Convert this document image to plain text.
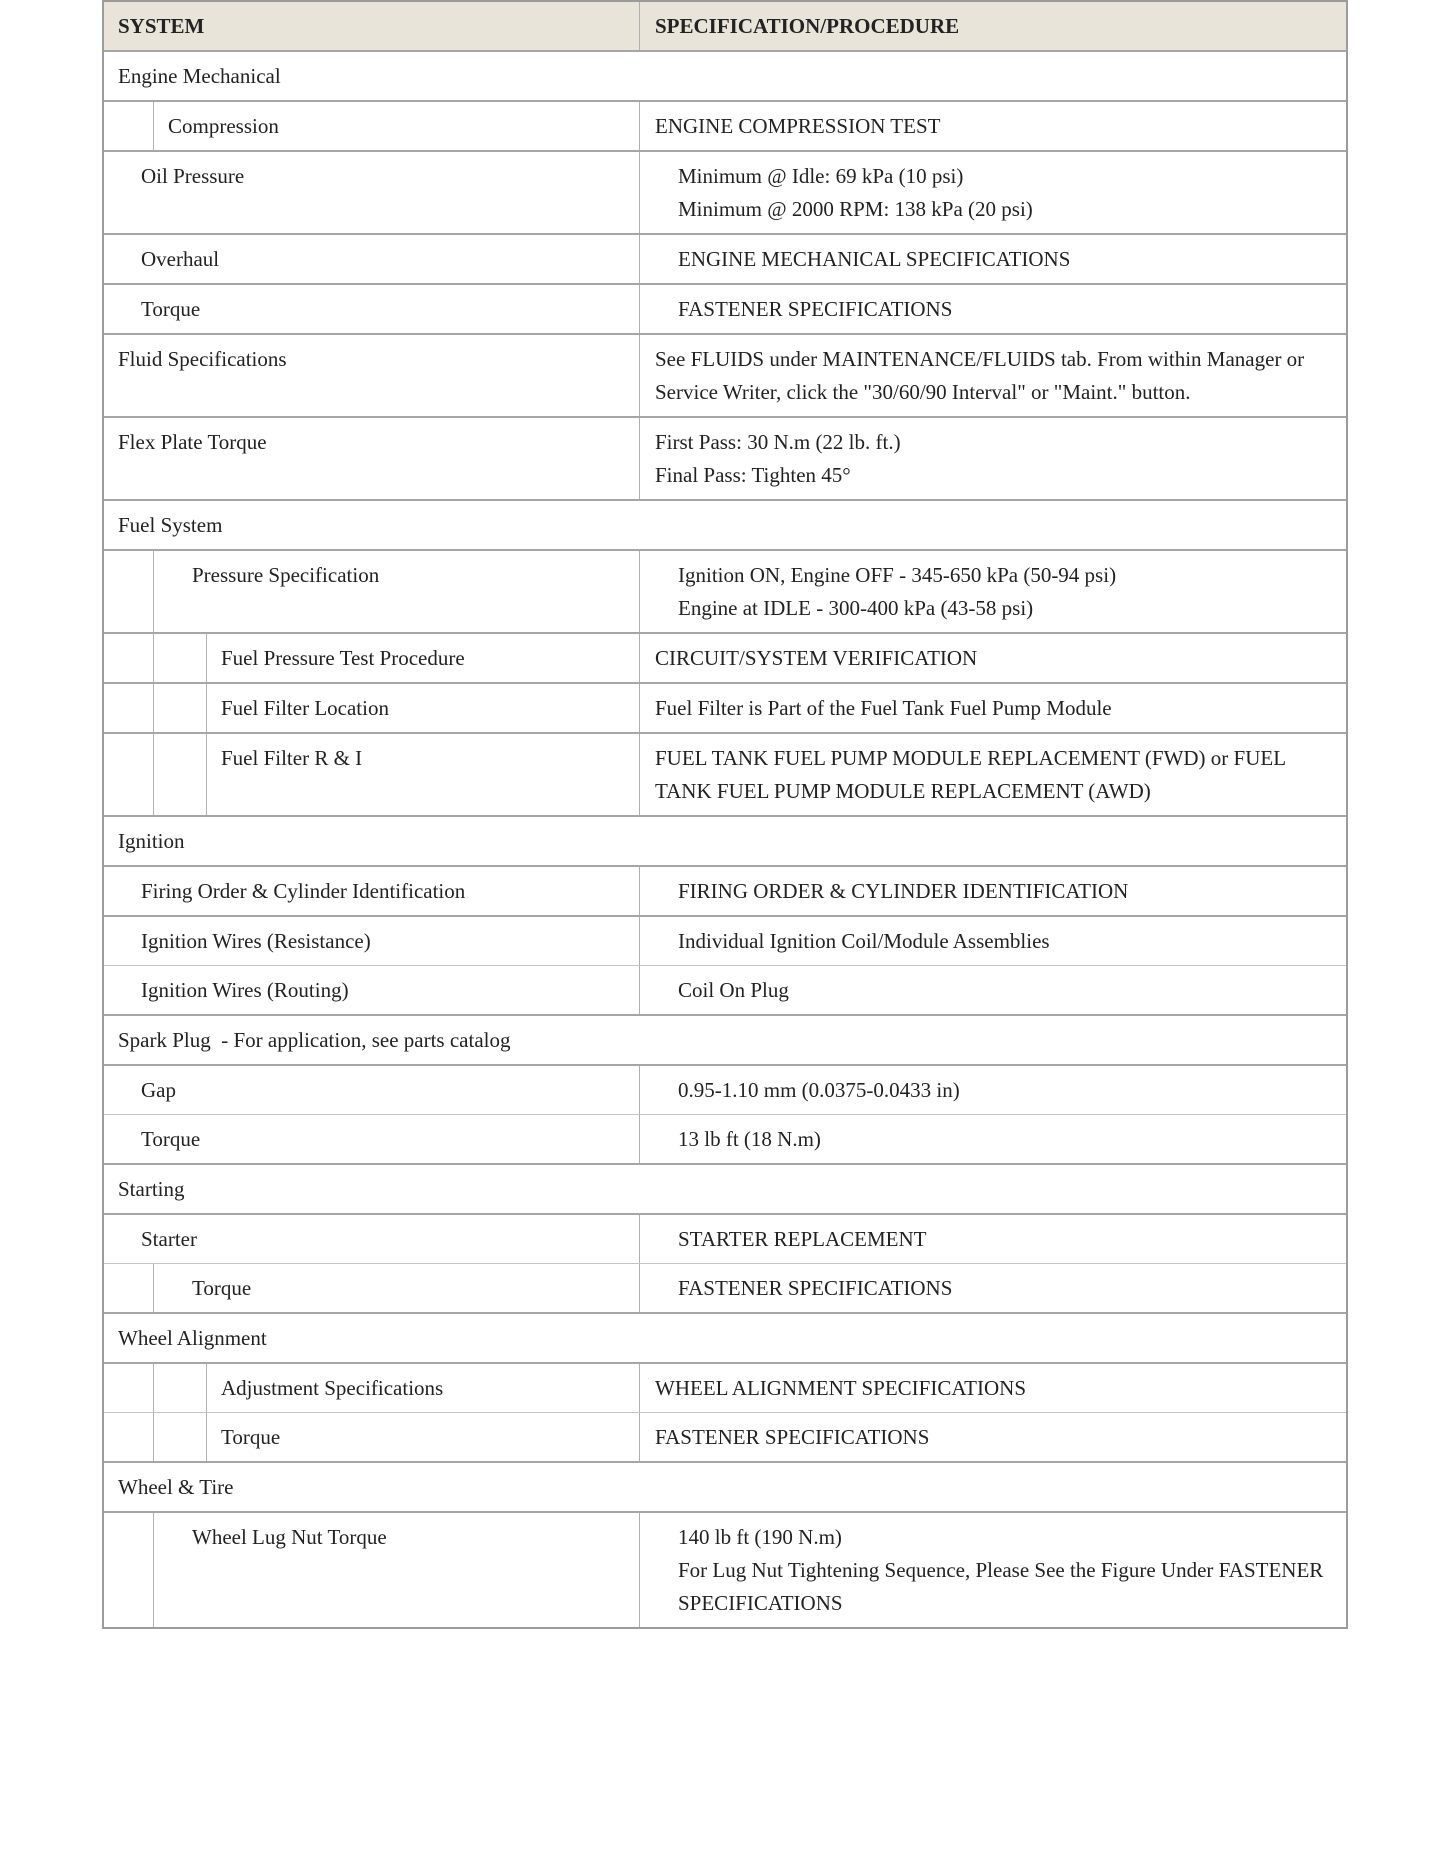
SYSTEM	SPECIFICATION/PROCEDURE
Engine Mechanical
Compression	ENGINE COMPRESSION TEST
Oil Pressure	Minimum @ Idle: 69 kPa (10 psi)
Minimum @ 2000 RPM: 138 kPa (20 psi)
Overhaul	ENGINE MECHANICAL SPECIFICATIONS
Torque	FASTENER SPECIFICATIONS
Fluid Specifications	See FLUIDS under MAINTENANCE/FLUIDS tab. From within Manager or Service Writer, click the "30/60/90 Interval" or "Maint." button.
Flex Plate Torque	First Pass: 30 N.m (22 lb. ft.)
Final Pass: Tighten 45°
Fuel System
Pressure Specification	Ignition ON, Engine OFF - 345-650 kPa (50-94 psi)
Engine at IDLE - 300-400 kPa (43-58 psi)
Fuel Pressure Test Procedure	CIRCUIT/SYSTEM VERIFICATION
Fuel Filter Location	Fuel Filter is Part of the Fuel Tank Fuel Pump Module
Fuel Filter R & I	FUEL TANK FUEL PUMP MODULE REPLACEMENT (FWD) or FUEL TANK FUEL PUMP MODULE REPLACEMENT (AWD)
Ignition
Firing Order & Cylinder Identification	FIRING ORDER & CYLINDER IDENTIFICATION
Ignition Wires (Resistance)	Individual Ignition Coil/Module Assemblies
Ignition Wires (Routing)	Coil On Plug
Spark Plug  - For application, see parts catalog
Gap	0.95-1.10 mm (0.0375-0.0433 in)
Torque	13 lb ft (18 N.m)
Starting
Starter	STARTER REPLACEMENT
Torque	FASTENER SPECIFICATIONS
Wheel Alignment
Adjustment Specifications	WHEEL ALIGNMENT SPECIFICATIONS
Torque	FASTENER SPECIFICATIONS
Wheel & Tire
Wheel Lug Nut Torque	140 lb ft (190 N.m)
For Lug Nut Tightening Sequence, Please See the Figure Under FASTENER SPECIFICATIONS
